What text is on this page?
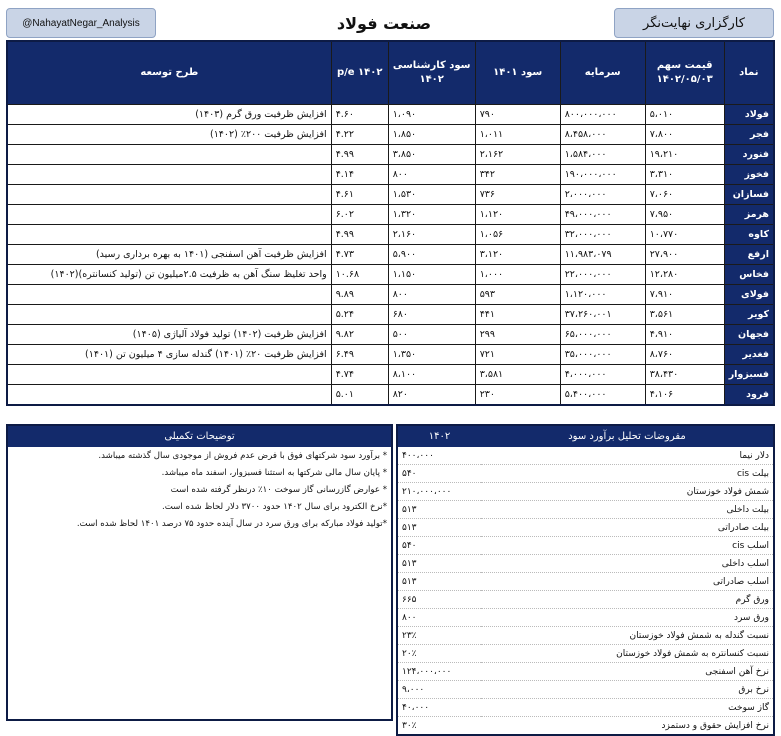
@NahayatNegar_Analysis	صنعت فولاد	کارگزاری نهایت‌نگر
نماد	قیمت سهم ۱۴۰۲/۰۵/۰۳	سرمایه	سود ۱۴۰۱	سود کارشناسی ۱۴۰۲	p/e ۱۴۰۲	طرح توسعه
فولاد	۵،۰۱۰	۸۰۰،۰۰۰،۰۰۰	۷۹۰	۱،۰۹۰	۴.۶۰	افزایش ظرفیت ورق گرم (۱۴۰۳)
فجر	۷،۸۰۰	۸،۴۵۸،۰۰۰	۱،۰۱۱	۱،۸۵۰	۴.۲۲	افزایش ظرفیت ۲۰۰٪ (۱۴۰۲)
فنورد	۱۹،۲۱۰	۱،۵۸۴،۰۰۰	۲،۱۶۲	۳،۸۵۰	۴.۹۹	
فخوز	۳،۳۱۰	۱۹۰،۰۰۰،۰۰۰	۳۴۲	۸۰۰	۴.۱۴	
فسازان	۷،۰۶۰	۲،۰۰۰،۰۰۰	۷۳۶	۱،۵۳۰	۴.۶۱	
هرمز	۷،۹۵۰	۴۹،۰۰۰،۰۰۰	۱،۱۲۰	۱،۳۲۰	۶.۰۲	
کاوه	۱۰،۷۷۰	۳۲،۰۰۰،۰۰۰	۱،۰۵۶	۲،۱۶۰	۴.۹۹	
ارفع	۲۷،۹۰۰	۱۱،۹۸۳،۰۷۹	۳،۱۲۰	۵،۹۰۰	۴.۷۳	افزایش ظرفیت آهن اسفنجی (۱۴۰۱ به بهره برداری رسید)
فخاس	۱۲،۲۸۰	۲۲،۰۰۰،۰۰۰	۱،۰۰۰	۱،۱۵۰	۱۰.۶۸	واحد تغلیظ سنگ آهن به ظرفیت ۲.۵میلیون تن (تولید کنسانتره)(۱۴۰۲)
فولای	۷،۹۱۰	۱،۱۲۰،۰۰۰	۵۹۳	۸۰۰	۹.۸۹	
کویر	۳،۵۶۱	۳۷،۲۶۰،۰۰۱	۴۴۱	۶۸۰	۵.۲۴	
فجهان	۴،۹۱۰	۶۵،۰۰۰،۰۰۰	۲۹۹	۵۰۰	۹.۸۲	افزایش ظرفیت (۱۴۰۲) تولید فولاد آلیاژی (۱۴۰۵)
فغدیر	۸،۷۶۰	۳۵،۰۰۰،۰۰۰	۷۲۱	۱،۳۵۰	۶.۴۹	افزایش ظرفیت ۲۰٪ (۱۴۰۱) گندله سازی ۴ میلیون تن (۱۴۰۱)
فسبزوار	۳۸،۴۳۰	۴،۰۰۰،۰۰۰	۳،۵۸۱	۸،۱۰۰	۴.۷۴	
فرود	۴،۱۰۶	۵،۴۰۰،۰۰۰	۲۳۰	۸۲۰	۵.۰۱	
مفروضات تحلیل برآورد سود	۱۴۰۲
دلار نیما	۴۰۰،۰۰۰
بیلت cis	۵۴۰
شمش فولاد خوزستان	۲۱۰،۰۰۰،۰۰۰
بیلت داخلی	۵۱۳
بیلت صادراتی	۵۱۳
اسلب cis	۵۴۰
اسلب داخلی	۵۱۳
اسلب صادراتی	۵۱۳
ورق گرم	۶۶۵
ورق سرد	۸۰۰
نسبت گندله به شمش فولاد خوزستان	۲۳٪
نسبت کنسانتره به شمش فولاد خوزستان	۲۰٪
نرخ آهن اسفنجی	۱۲۴،۰۰۰،۰۰۰
نرخ برق	۹،۰۰۰
گاز سوخت	۴۰،۰۰۰
نرخ افزایش حقوق و دستمزد	۳۰٪
توضیحات تکمیلی
* برآورد سود شرکتهای فوق با فرض عدم فروش از موجودی سال گذشته میباشد.
* پایان سال مالی شرکتها به استثنا فسبزوار، اسفند ماه میباشد.
* عوارض گازرسانی گاز سوخت ۱۰٪ درنظر گرفته شده است
*نرخ الکترود برای سال ۱۴۰۲ حدود ۳۷۰۰ دلار لحاظ شده است.
*تولید فولاد مبارکه برای ورق سرد در سال آینده حدود ۷۵ درصد ۱۴۰۱ لحاظ شده است.
